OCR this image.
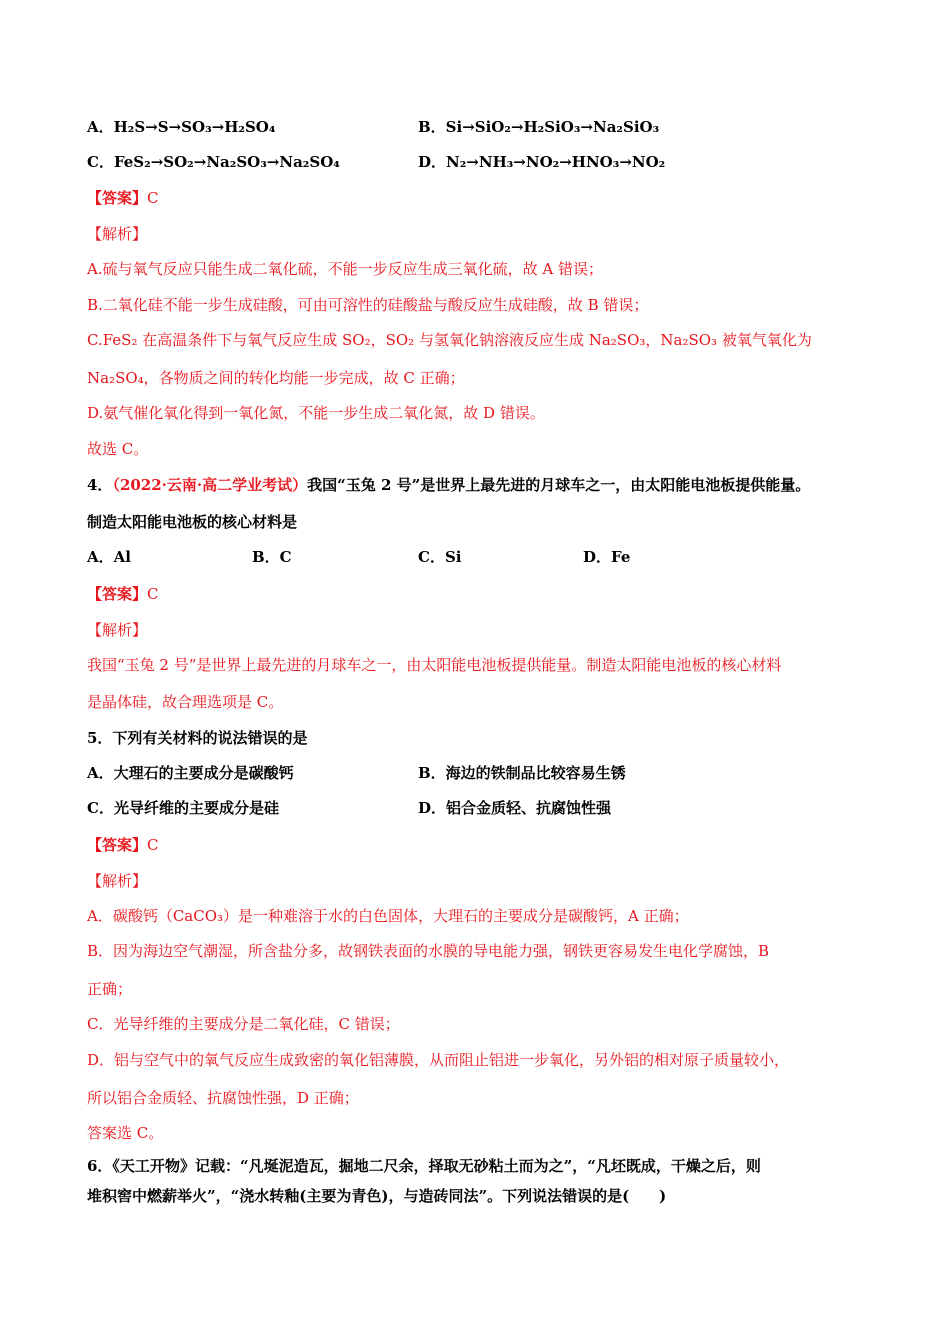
A．H₂S→S→SO₃→H₂SO₄	B．Si→SiO₂→H₂SiO₃→Na₂SiO₃
C．FeS₂→SO₂→Na₂SO₃→Na₂SO₄	D．N₂→NH₃→NO₂→HNO₃→NO₂
【答案】C
【解析】
A.硫与氧气反应只能生成二氧化硫，不能一步反应生成三氧化硫，故 A 错误；
B.二氧化硅不能一步生成硅酸，可由可溶性的硅酸盐与酸反应生成硅酸，故 B 错误；
C.FeS₂ 在高温条件下与氧气反应生成 SO₂，SO₂ 与氢氧化钠溶液反应生成 Na₂SO₃，Na₂SO₃ 被氧气氧化为
Na₂SO₄，各物质之间的转化均能一步完成，故 C 正确；
D.氨气催化氧化得到一氧化氮，不能一步生成二氧化氮，故 D 错误。
故选 C。
4．（2022·云南·高二学业考试）我国“玉兔 2 号”是世界上最先进的月球车之一，由太阳能电池板提供能量。
制造太阳能电池板的核心材料是
A．Al	B．C	C．Si	D．Fe
【答案】C
【解析】
我国“玉兔 2 号”是世界上最先进的月球车之一，由太阳能电池板提供能量。制造太阳能电池板的核心材料
是晶体硅，故合理选项是 C。
5．下列有关材料的说法错误的是
A．大理石的主要成分是碳酸钙	B．海边的铁制品比较容易生锈
C．光导纤维的主要成分是硅	D．铝合金质轻、抗腐蚀性强
【答案】C
【解析】
A．碳酸钙（CaCO₃）是一种难溶于水的白色固体，大理石的主要成分是碳酸钙，A 正确；
B．因为海边空气潮湿，所含盐分多，故钢铁表面的水膜的导电能力强，钢铁更容易发生电化学腐蚀，B
正确；
C．光导纤维的主要成分是二氧化硅，C 错误；
D．铝与空气中的氧气反应生成致密的氧化铝薄膜，从而阻止铝进一步氧化，另外铝的相对原子质量较小，
所以铝合金质轻、抗腐蚀性强，D 正确；
答案选 C。
6．《天工开物》记载：“凡埏泥造瓦，掘地二尺余，择取无砂粘土而为之”，“凡坯既成，干燥之后，则
堆积窖中燃薪举火”，“浇水转釉(主要为青色)，与造砖同法”。下列说法错误的是(　　)
